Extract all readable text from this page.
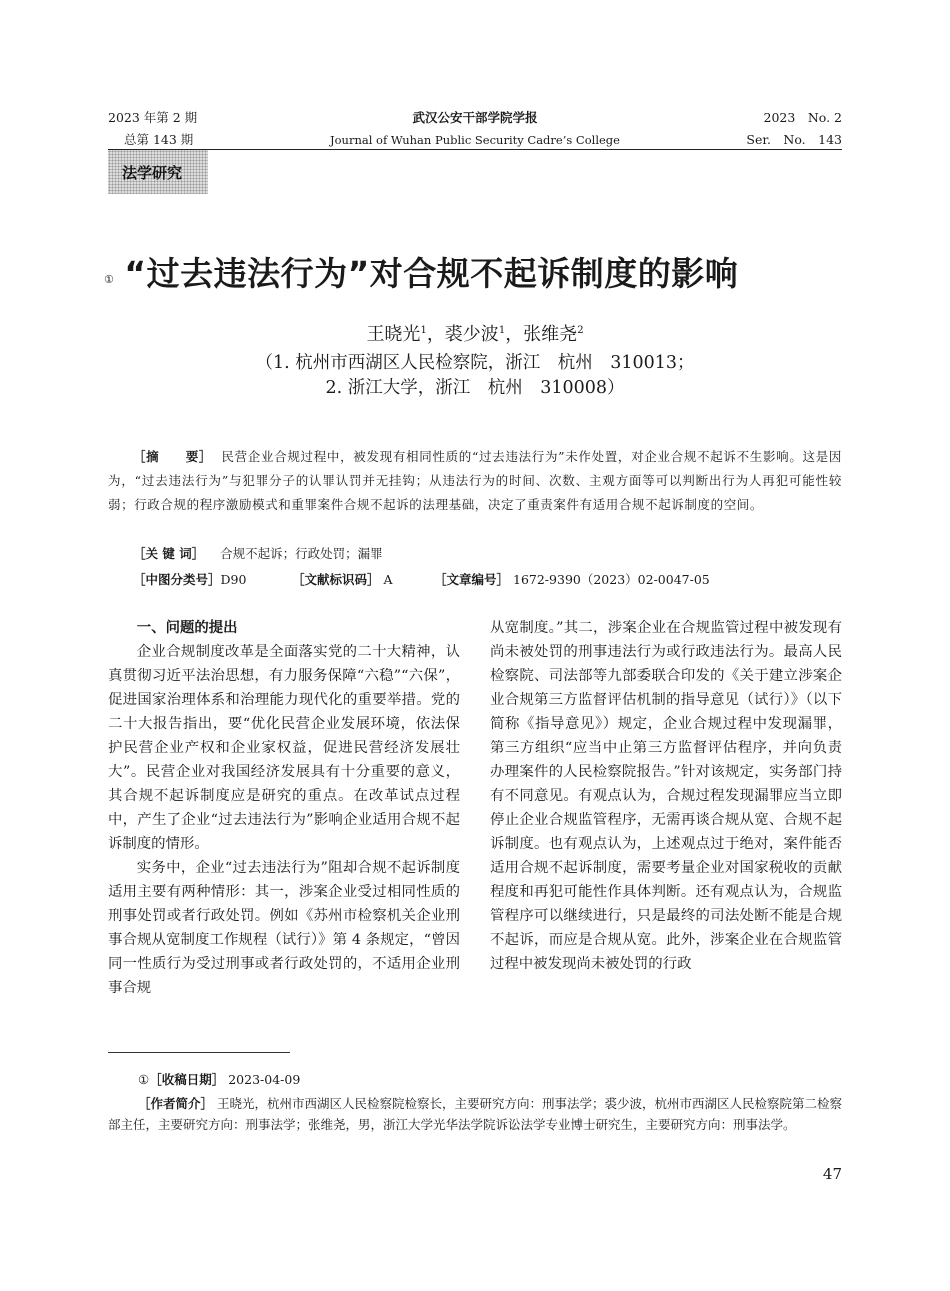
2023 年第 2 期	武汉公安干部学院学报	2023　No. 2
总第 143 期	Journal of Wuhan Public Security Cadre’s College	Ser.　No.　143
法学研究
① “过去违法行为”对合规不起诉制度的影响
王晓光$^1$，裘少波$^1$，张维尧$^2$
（1. 杭州市西湖区人民检察院，浙江　杭州　310013；
2. 浙江大学，浙江　杭州　310008）
［摘　　要］ 民营企业合规过程中，被发现有相同性质的“过去违法行为”未作处置，对企业合规不起诉不生影响。这是因为，“过去违法行为”与犯罪分子的认罪认罚并无挂钩；从违法行为的时间、次数、主观方面等可以判断出行为人再犯可能性较弱；行政合规的程序激励模式和重罪案件合规不起诉的法理基础，决定了重责案件有适用合规不起诉制度的空间。
［关 键 词］ 合规不起诉；行政处罚；漏罪
［中图分类号］D90	［文献标识码］ A	［文章编号］ 1672-9390（2023）02-0047-05
一、问题的提出

企业合规制度改革是全面落实党的二十大精神，认真贯彻习近平法治思想，有力服务保障“六稳”“六保”，促进国家治理体系和治理能力现代化的重要举措。党的二十大报告指出，要“优化民营企业发展环境，依法保护民营企业产权和企业家权益，促进民营经济发展壮大”。民营企业对我国经济发展具有十分重要的意义，其合规不起诉制度应是研究的重点。在改革试点过程中，产生了企业“过去违法行为”影响企业适用合规不起诉制度的情形。

实务中，企业“过去违法行为”阻却合规不起诉制度适用主要有两种情形：其一，涉案企业受过相同性质的刑事处罚或者行政处罚。例如《苏州市检察机关企业刑事合规从宽制度工作规程（试行）》第 4 条规定，“曾因同一性质行为受过刑事或者行政处罚的，不适用企业刑事合规

从宽制度。”其二，涉案企业在合规监管过程中被发现有尚未被处罚的刑事违法行为或行政违法行为。最高人民检察院、司法部等九部委联合印发的《关于建立涉案企业合规第三方监督评估机制的指导意见（试行）》（以下简称《指导意见》）规定，企业合规过程中发现漏罪，第三方组织“应当中止第三方监督评估程序，并向负责办理案件的人民检察院报告。”针对该规定，实务部门持有不同意见。有观点认为，合规过程发现漏罪应当立即停止企业合规监管程序，无需再谈合规从宽、合规不起诉制度。也有观点认为，上述观点过于绝对，案件能否适用合规不起诉制度，需要考量企业对国家税收的贡献程度和再犯可能性作具体判断。还有观点认为，合规监管程序可以继续进行，只是最终的司法处断不能是合规不起诉，而应是合规从宽。此外，涉案企业在合规监管过程中被发现尚未被处罚的行政

①［收稿日期］ 2023-04-09
［作者简介］ 王晓光，杭州市西湖区人民检察院检察长，主要研究方向：刑事法学；裘少波，杭州市西湖区人民检察院第二检察部主任，主要研究方向：刑事法学；张维尧，男，浙江大学光华法学院诉讼法学专业博士研究生，主要研究方向：刑事法学。
47
